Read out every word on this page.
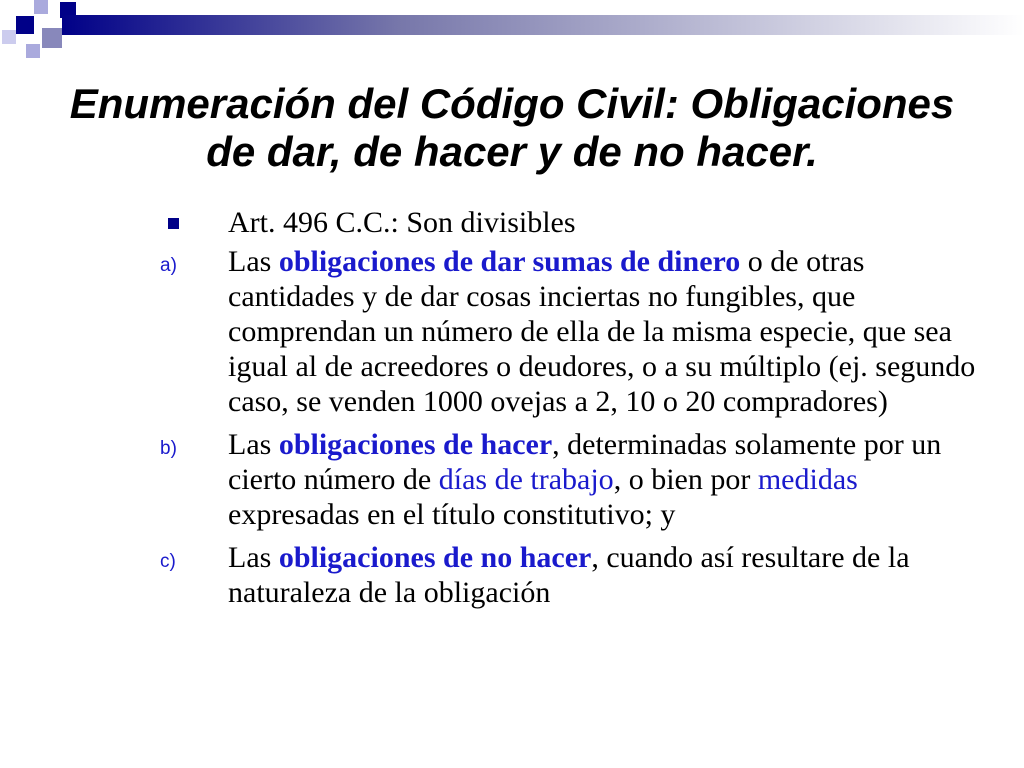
Enumeración del Código Civil: Obligaciones
de dar, de hacer y de no hacer.
Art. 496 C.C.: Son divisibles
a) Las obligaciones de dar sumas de dinero o de otras cantidades y de dar cosas inciertas no fungibles, que comprendan un número de ella de la misma especie, que sea igual al de acreedores o deudores, o a su múltiplo (ej. segundo caso, se venden 1000 ovejas a 2, 10 o 20 compradores)
b) Las obligaciones de hacer, determinadas solamente por un cierto número de días de trabajo, o bien por medidas expresadas en el título constitutivo; y
c) Las obligaciones de no hacer, cuando así resultare de la naturaleza de la obligación
